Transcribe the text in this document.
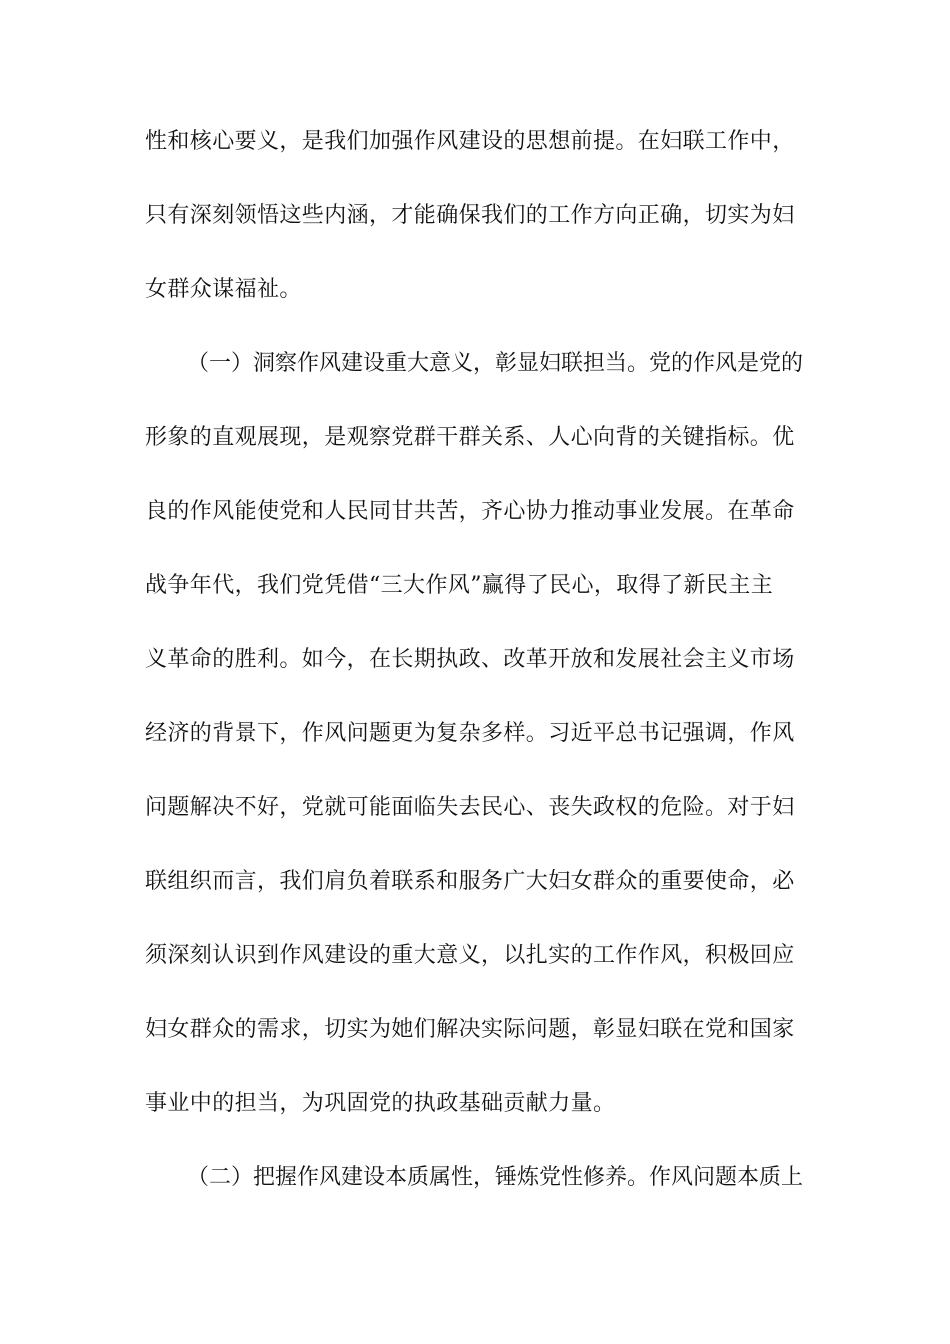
性和核心要义，是我们加强作风建设的思想前提。在妇联工作中，
只有深刻领悟这些内涵，才能确保我们的工作方向正确，切实为妇
女群众谋福祉。
（一）洞察作风建设重大意义，彰显妇联担当。党的作风是党的
形象的直观展现，是观察党群干群关系、人心向背的关键指标。优
良的作风能使党和人民同甘共苦，齐心协力推动事业发展。在革命
战争年代，我们党凭借“三大作风”赢得了民心，取得了新民主主
义革命的胜利。如今，在长期执政、改革开放和发展社会主义市场
经济的背景下，作风问题更为复杂多样。习近平总书记强调，作风
问题解决不好，党就可能面临失去民心、丧失政权的危险。对于妇
联组织而言，我们肩负着联系和服务广大妇女群众的重要使命，必
须深刻认识到作风建设的重大意义，以扎实的工作作风，积极回应
妇女群众的需求，切实为她们解决实际问题，彰显妇联在党和国家
事业中的担当，为巩固党的执政基础贡献力量。
（二）把握作风建设本质属性，锤炼党性修养。作风问题本质上
